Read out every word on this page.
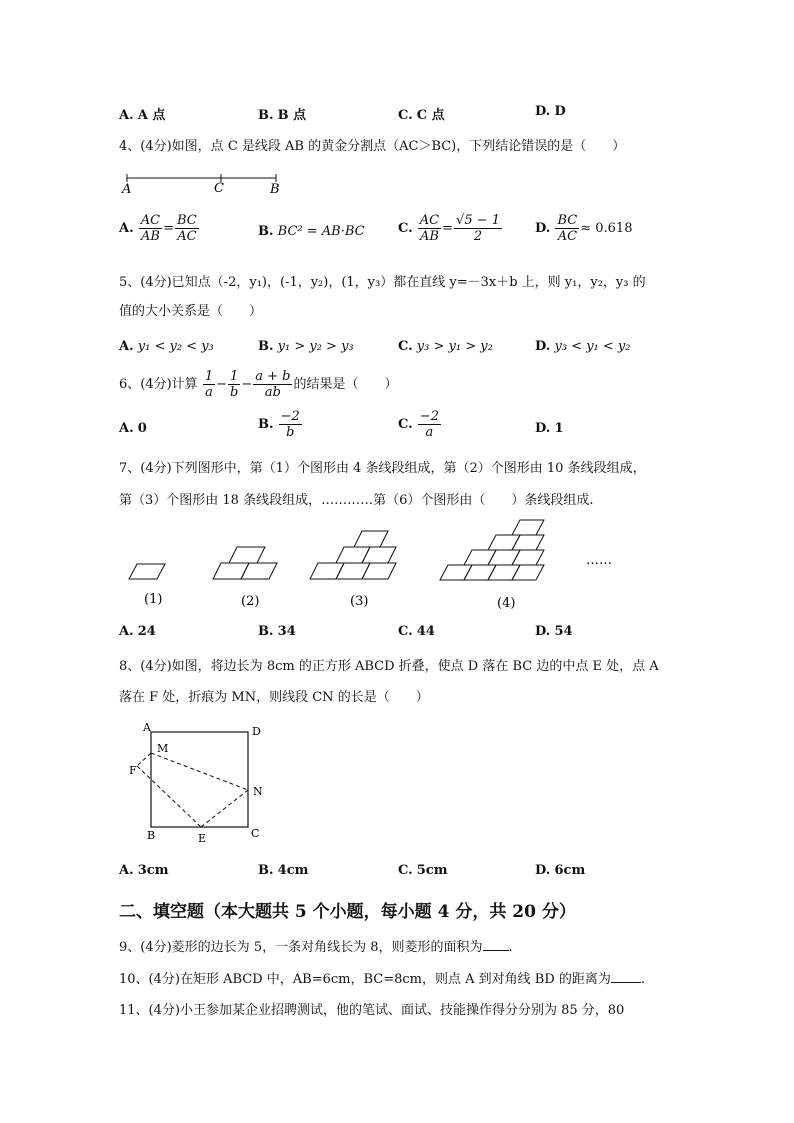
A. A 点	B. B 点	C. C 点	D. D
4、(4分)如图，点 C 是线段 AB 的黄金分割点（AC＞BC)，下列结论错误的是（　　）
A	C	B
A. $\frac{AC}{AB} = \frac{BC}{AC}$	B. BC² = AB·BC	C. $\frac{AC}{AB} = \frac{√5 - 1}{2}$	D. $\frac{BC}{AC} \approx 0.618$
5、(4分)已知点（-2，y₁)，(-1，y₂)，(1，y₃）都在直线 y=－3x＋b 上，则 y₁，y₂，y₃ 的
值的大小关系是（　　）
A. y₁ < y₂ < y₃	B. y₁ > y₂ > y₃	C. y₃ > y₁ > y₂	D. y₃ < y₁ < y₂
6、(4分)计算 $\frac{1}{a} - \frac{1}{b} - \frac{a + b}{ab}$ 的结果是（　　）
A. 0	B. $\frac{-2}{b}$	C. $\frac{-2}{a}$	D. 1
7、(4分)下列图形中，第（1）个图形由 4 条线段组成，第（2）个图形由 10 条线段组成，
第（3）个图形由 18 条线段组成，…………第（6）个图形由（　　）条线段组成.
(1)	(2)	(3)	(4)
……
A. 24	B. 34	C. 44	D. 54
8、(4分)如图，将边长为 8cm 的正方形 ABCD 折叠，使点 D 落在 BC 边的中点 E 处，点 A
落在 F 处，折痕为 MN，则线段 CN 的长是（　　）
A	D
M
F
N
B	E	C
A. 3cm	B. 4cm	C. 5cm	D. 6cm
二、填空题（本大题共 5 个小题，每小题 4 分，共 20 分）
9、(4分)菱形的边长为 5，一条对角线长为 8，则菱形的面积为 .
10、(4分)在矩形 ABCD 中，AB=6cm，BC=8cm，则点 A 到对角线 BD 的距离为 .
11、(4分)小王参加某企业招聘测试，他的笔试、面试、技能操作得分分别为 85 分，80
